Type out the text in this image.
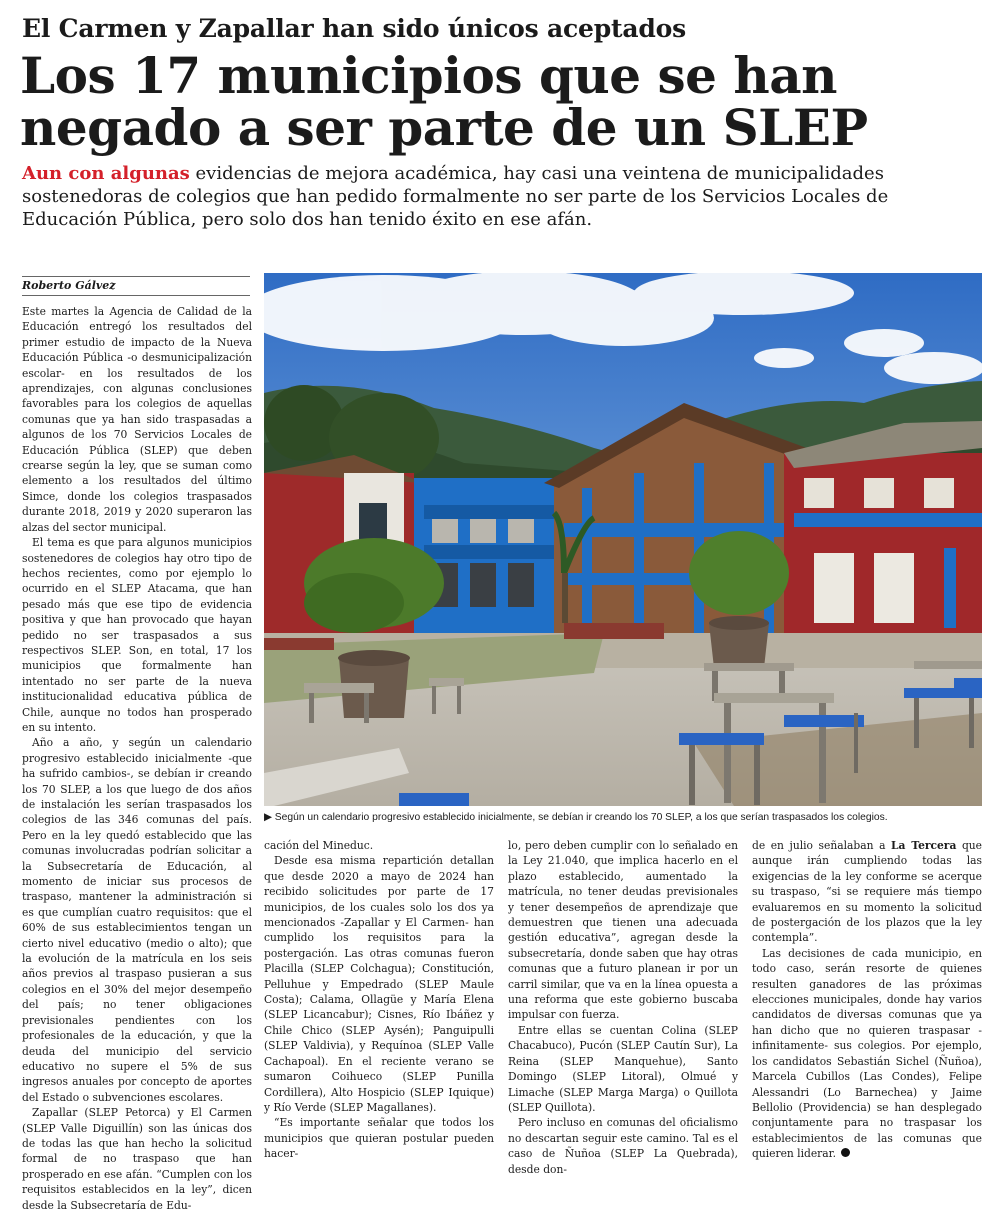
El Carmen y Zapallar han sido únicos aceptados
Los 17 municipios que se han negado a ser parte de un SLEP
Aun con algunas evidencias de mejora académica, hay casi una veintena de municipalidades sostenedoras de colegios que han pedido formalmente no ser parte de los Servicios Locales de Educación Pública, pero solo dos han tenido éxito en ese afán.
Roberto Gálvez

Este martes la Agencia de Calidad de la Educación entregó los resultados del primer estudio de impacto de la Nueva Educación Pública -o desmunicipalización escolar- en los resultados de los aprendizajes, con algunas conclusiones favorables para los colegios de aquellas comunas que ya han sido traspasadas a algunos de los 70 Servicios Locales de Educación Pública (SLEP) que deben crearse según la ley, que se suman como elemento a los resultados del último Simce, donde los colegios traspasados durante 2018, 2019 y 2020 superaron las alzas del sector municipal.

El tema es que para algunos municipios sostenedores de colegios hay otro tipo de hechos recientes, como por ejemplo lo ocurrido en el SLEP Atacama, que han pesado más que ese tipo de evidencia positiva y que han provocado que hayan pedido no ser traspasados a sus respectivos SLEP. Son, en total, 17 los municipios que formalmente han intentado no ser parte de la nueva institucionalidad educativa pública de Chile, aunque no todos han prosperado en su intento.

Año a año, y según un calendario progresivo establecido inicialmente -que ha sufrido cambios-, se debían ir creando los 70 SLEP, a los que luego de dos años de instalación les serían traspasados los colegios de las 346 comunas del país. Pero en la ley quedó establecido que las comunas involucradas podrían solicitar a la Subsecretaría de Educación, al momento de iniciar sus procesos de traspaso, mantener la administración si es que cumplían cuatro requisitos: que el 60% de sus establecimientos tengan un cierto nivel educativo (medio o alto); que la evolución de la matrícula en los seis años previos al traspaso pusieran a sus colegios en el 30% del mejor desempeño del país; no tener obligaciones previsionales pendientes con los profesionales de la educación, y que la deuda del municipio del servicio educativo no supere el 5% de sus ingresos anuales por concepto de aportes del Estado o subvenciones escolares.

Zapallar (SLEP Petorca) y El Carmen (SLEP Valle Diguillín) son las únicas dos de todas las que han hecho la solicitud formal de no traspaso que han prosperado en ese afán. “Cumplen con los requisitos establecidos en la ley”, dicen desde la Subsecretaría de Edu-

▶ Según un calendario progresivo establecido inicialmente, se debían ir creando los 70 SLEP, a los que serían traspasados los colegios.

cación del Mineduc.

Desde esa misma repartición detallan que desde 2020 a mayo de 2024 han recibido solicitudes por parte de 17 municipios, de los cuales solo los dos ya mencionados -Zapallar y El Carmen- han cumplido los requisitos para la postergación. Las otras comunas fueron Placilla (SLEP Colchagua); Constitución, Pelluhue y Empedrado (SLEP Maule Costa); Calama, Ollagüe y María Elena (SLEP Licancabur); Cisnes, Río Ibáñez y Chile Chico (SLEP Aysén); Panguipulli (SLEP Valdivia), y Requínoa (SLEP Valle Cachapoal). En el reciente verano se sumaron Coihueco (SLEP Punilla Cordillera), Alto Hospicio (SLEP Iquique) y Río Verde (SLEP Magallanes).

“Es importante señalar que todos los municipios que quieran postular pueden hacer-

lo, pero deben cumplir con lo señalado en la Ley 21.040, que implica hacerlo en el plazo establecido, aumentado la matrícula, no tener deudas previsionales y tener desempeños de aprendizaje que demuestren que tienen una adecuada gestión educativa”, agregan desde la subsecretaría, donde saben que hay otras comunas que a futuro planean ir por un carril similar, que va en la línea opuesta a una reforma que este gobierno buscaba impulsar con fuerza.

Entre ellas se cuentan Colina (SLEP Chacabuco), Pucón (SLEP Cautín Sur), La Reina (SLEP Manquehue), Santo Domingo (SLEP Litoral), Olmué y Limache (SLEP Marga Marga) o Quillota (SLEP Quillota).

Pero incluso en comunas del oficialismo no descartan seguir este camino. Tal es el caso de Ñuñoa (SLEP La Quebrada), desde don-

de en julio señalaban a La Tercera que aunque irán cumpliendo todas las exigencias de la ley conforme se acerque su traspaso, “si se requiere más tiempo evaluaremos en su momento la solicitud de postergación de los plazos que la ley contempla”.

Las decisiones de cada municipio, en todo caso, serán resorte de quienes resulten ganadores de las próximas elecciones municipales, donde hay varios candidatos de diversas comunas que ya han dicho que no quieren traspasar -infinitamente- sus colegios. Por ejemplo, los candidatos Sebastián Sichel (Ñuñoa), Marcela Cubillos (Las Condes), Felipe Alessandri (Lo Barnechea) y Jaime Bellolio (Providencia) se han desplegado conjuntamente para no traspasar los establecimientos de las comunas que quieren liderar.
